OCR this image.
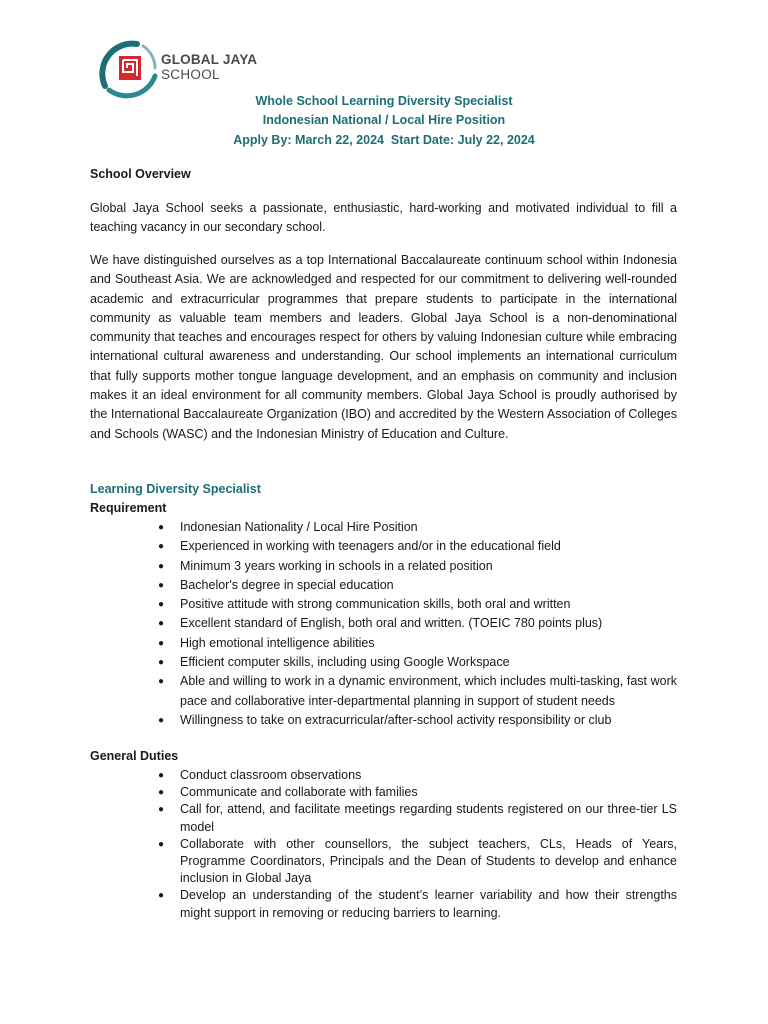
GLOBAL JAYA
SCHOOL
Whole School Learning Diversity Specialist
Indonesian National / Local Hire Position
Apply By: March 22, 2024  Start Date: July 22, 2024
School Overview
Global Jaya School seeks a passionate, enthusiastic, hard-working and motivated individual to fill a teaching vacancy in our secondary school.
We have distinguished ourselves as a top International Baccalaureate continuum school within Indonesia and Southeast Asia. We are acknowledged and respected for our commitment to delivering well-rounded academic and extracurricular programmes that prepare students to participate in the international community as valuable team members and leaders. Global Jaya School is a non-denominational community that teaches and encourages respect for others by valuing Indonesian culture while embracing international cultural awareness and understanding. Our school implements an international curriculum that fully supports mother tongue language development, and an emphasis on community and inclusion makes it an ideal environment for all community members. Global Jaya School is proudly authorised by the International Baccalaureate Organization (IBO) and accredited by the Western Association of Colleges and Schools (WASC) and the Indonesian Ministry of Education and Culture.
Learning Diversity Specialist
Requirement
● Indonesian Nationality / Local Hire Position
● Experienced in working with teenagers and/or in the educational field
● Minimum 3 years working in schools in a related position
● Bachelor's degree in special education
● Positive attitude with strong communication skills, both oral and written
● Excellent standard of English, both oral and written. (TOEIC 780 points plus)
● High emotional intelligence abilities
● Efficient computer skills, including using Google Workspace
● Able and willing to work in a dynamic environment, which includes multi-tasking, fast work pace and collaborative inter-departmental planning in support of student needs
● Willingness to take on extracurricular/after-school activity responsibility or club
General Duties
● Conduct classroom observations
● Communicate and collaborate with families
● Call for, attend, and facilitate meetings regarding students registered on our three-tier LS model
● Collaborate with other counsellors, the subject teachers, CLs, Heads of Years, Programme Coordinators, Principals and the Dean of Students to develop and enhance inclusion in Global Jaya
● Develop an understanding of the student’s learner variability and how their strengths might support in removing or reducing barriers to learning.
